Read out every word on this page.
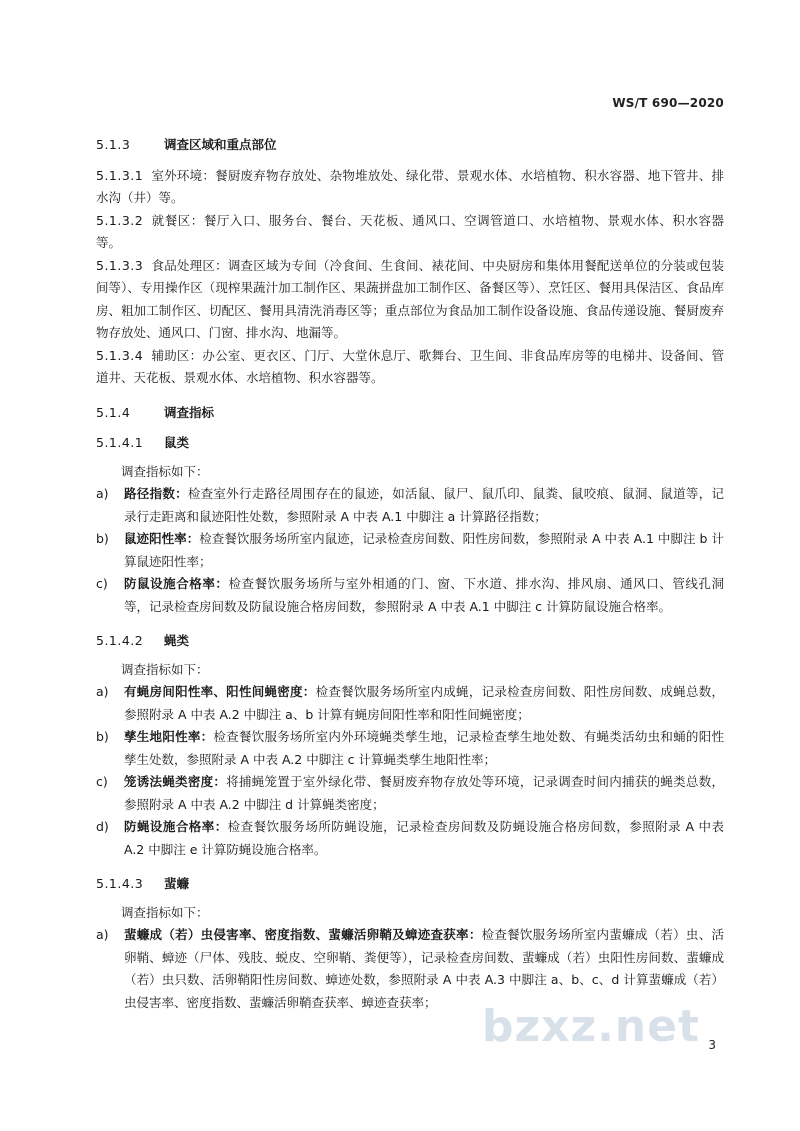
WS/T 690—2020
5.1.3	调查区域和重点部位

5.1.3.1 室外环境：餐厨废弃物存放处、杂物堆放处、绿化带、景观水体、水培植物、积水容器、地下管井、排水沟（井）等。

5.1.3.2 就餐区：餐厅入口、服务台、餐台、天花板、通风口、空调管道口、水培植物、景观水体、积水容器等。

5.1.3.3 食品处理区：调查区域为专间（冷食间、生食间、裱花间、中央厨房和集体用餐配送单位的分装或包装间等）、专用操作区（现榨果蔬汁加工制作区、果蔬拼盘加工制作区、备餐区等）、烹饪区、餐用具保洁区、食品库房、粗加工制作区、切配区、餐用具清洗消毒区等；重点部位为食品加工制作设备设施、食品传递设施、餐厨废弃物存放处、通风口、门窗、排水沟、地漏等。

5.1.3.4 辅助区：办公室、更衣区、门厅、大堂休息厅、歌舞台、卫生间、非食品库房等的电梯井、设备间、管道井、天花板、景观水体、水培植物、积水容器等。

5.1.4	调查指标
5.1.4.1 鼠类

调查指标如下：

a) 路径指数：检查室外行走路径周围存在的鼠迹，如活鼠、鼠尸、鼠爪印、鼠粪、鼠咬痕、鼠洞、鼠道等，记录行走距离和鼠迹阳性处数，参照附录 A 中表 A.1 中脚注 a 计算路径指数；
b) 鼠迹阳性率：检查餐饮服务场所室内鼠迹，记录检查房间数、阳性房间数，参照附录 A 中表 A.1 中脚注 b 计算鼠迹阳性率；
c) 防鼠设施合格率：检查餐饮服务场所与室外相通的门、窗、下水道、排水沟、排风扇、通风口、管线孔洞等，记录检查房间数及防鼠设施合格房间数，参照附录 A 中表 A.1 中脚注 c 计算防鼠设施合格率。
5.1.4.2 蝇类

调查指标如下：

a) 有蝇房间阳性率、阳性间蝇密度：检查餐饮服务场所室内成蝇，记录检查房间数、阳性房间数、成蝇总数，参照附录 A 中表 A.2 中脚注 a、b 计算有蝇房间阳性率和阳性间蝇密度；
b) 孳生地阳性率：检查餐饮服务场所室内外环境蝇类孳生地，记录检查孳生地处数、有蝇类活幼虫和蛹的阳性孳生处数，参照附录 A 中表 A.2 中脚注 c 计算蝇类孳生地阳性率；
c) 笼诱法蝇类密度：将捕蝇笼置于室外绿化带、餐厨废弃物存放处等环境，记录调查时间内捕获的蝇类总数，参照附录 A 中表 A.2 中脚注 d 计算蝇类密度；
d) 防蝇设施合格率：检查餐饮服务场所防蝇设施，记录检查房间数及防蝇设施合格房间数，参照附录 A 中表 A.2 中脚注 e 计算防蝇设施合格率。
5.1.4.3 蜚蠊

调查指标如下：

a) 蜚蠊成（若）虫侵害率、密度指数、蜚蠊活卵鞘及蟑迹查获率：检查餐饮服务场所室内蜚蠊成（若）虫、活卵鞘、蟑迹（尸体、残肢、蜕皮、空卵鞘、粪便等），记录检查房间数、蜚蠊成（若）虫阳性房间数、蜚蠊成（若）虫只数、活卵鞘阳性房间数、蟑迹处数，参照附录 A 中表 A.3 中脚注 a、b、c、d 计算蜚蠊成（若）虫侵害率、密度指数、蜚蠊活卵鞘查获率、蟑迹查获率；	bzxz.net 3
